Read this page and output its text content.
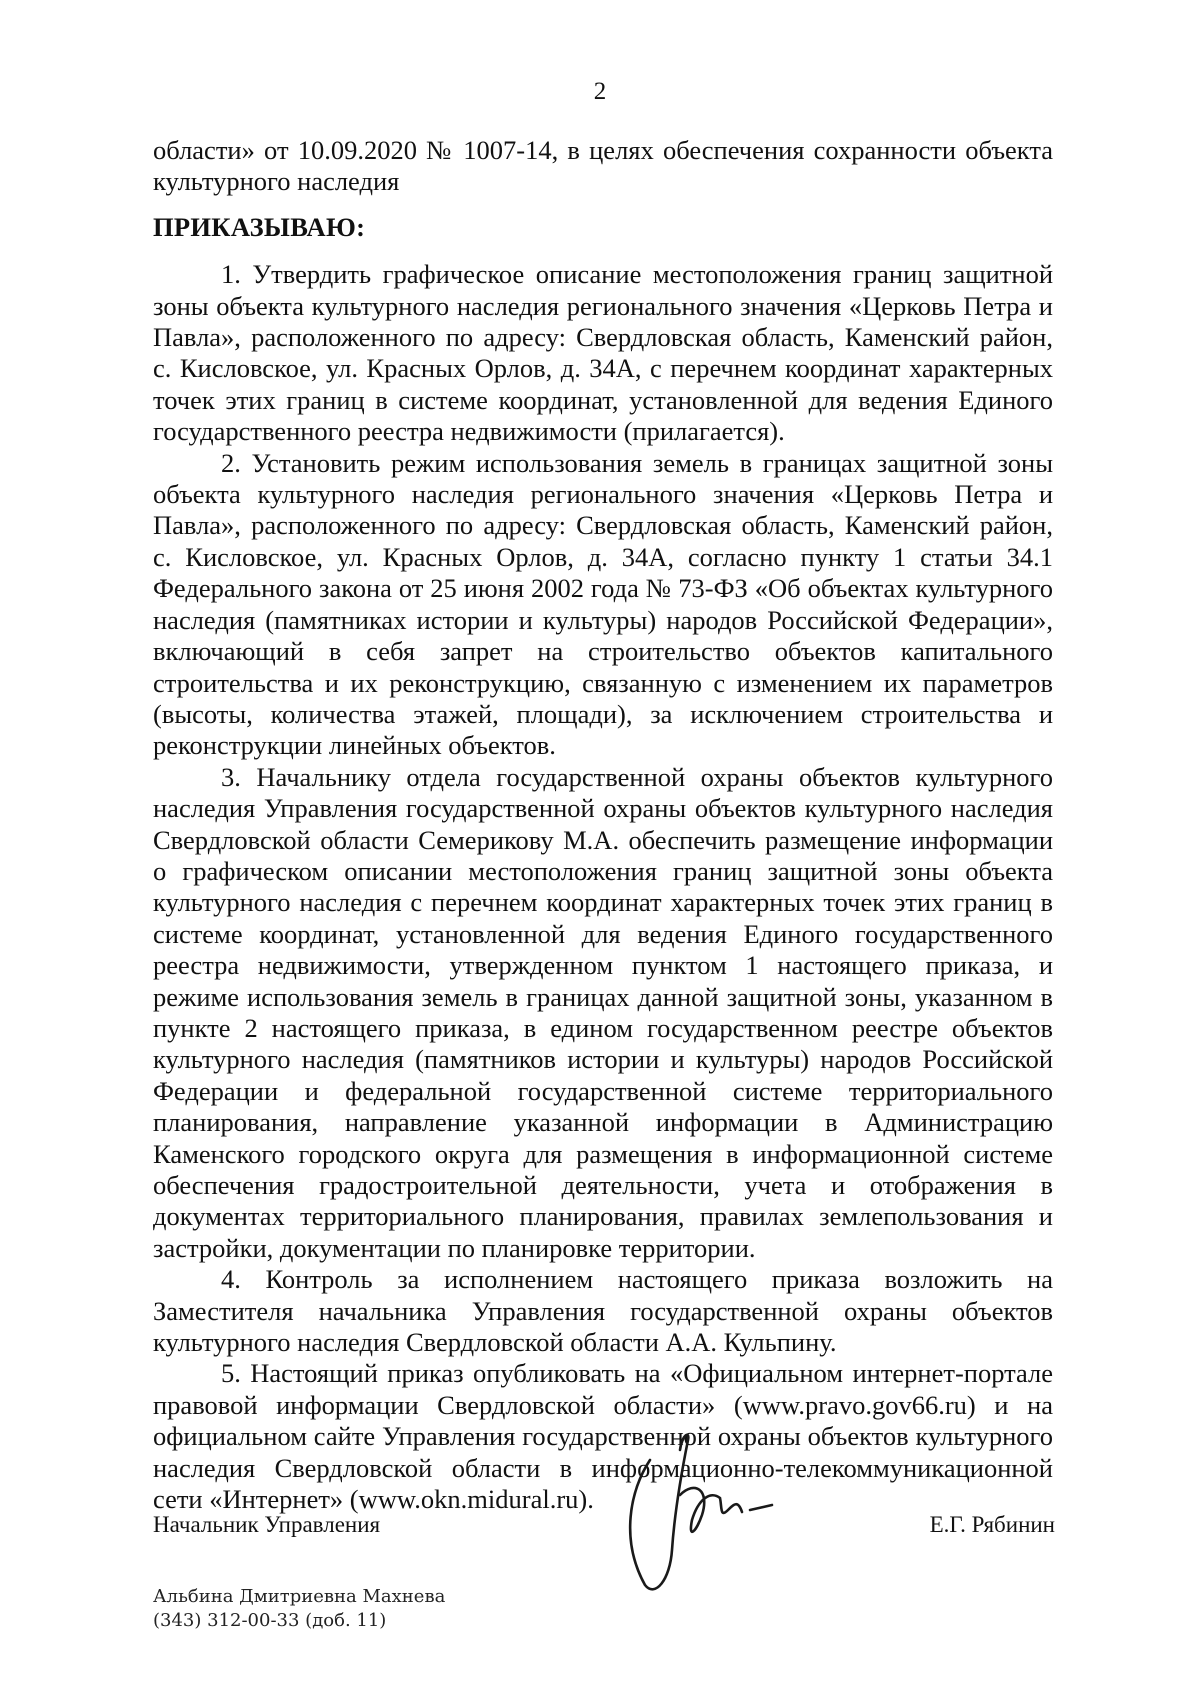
2

области» от 10.09.2020 № 1007-14, в целях обеспечения сохранности объекта культурного наследия

ПРИКАЗЫВАЮ:

1. Утвердить графическое описание местоположения границ защитной зоны объекта культурного наследия регионального значения «Церковь Петра и Павла», расположенного по адресу: Свердловская область, Каменский район, с. Кисловское, ул. Красных Орлов, д. 34А, с перечнем координат характерных точек этих границ в системе координат, установленной для ведения Единого государственного реестра недвижимости (прилагается).

2. Установить режим использования земель в границах защитной зоны объекта культурного наследия регионального значения «Церковь Петра и Павла», расположенного по адресу: Свердловская область, Каменский район, с. Кисловское, ул. Красных Орлов, д. 34А, согласно пункту 1 статьи 34.1 Федерального закона от 25 июня 2002 года № 73-ФЗ «Об объектах культурного наследия (памятниках истории и культуры) народов Российской Федерации», включающий в себя запрет на строительство объектов капитального строительства и их реконструкцию, связанную с изменением их параметров (высоты, количества этажей, площади), за исключением строительства и реконструкции линейных объектов.

3. Начальнику отдела государственной охраны объектов культурного наследия Управления государственной охраны объектов культурного наследия Свердловской области Семерикову М.А. обеспечить размещение информации о графическом описании местоположения границ защитной зоны объекта культурного наследия с перечнем координат характерных точек этих границ в системе координат, установленной для ведения Единого государственного реестра недвижимости, утвержденном пунктом 1 настоящего приказа, и режиме использования земель в границах данной защитной зоны, указанном в пункте 2 настоящего приказа, в едином государственном реестре объектов культурного наследия (памятников истории и культуры) народов Российской Федерации и федеральной государственной системе территориального планирования, направление указанной информации в Администрацию Каменского городского округа для размещения в информационной системе обеспечения градостроительной деятельности, учета и отображения в документах территориального планирования, правилах землепользования и застройки, документации по планировке территории.

4. Контроль за исполнением настоящего приказа возложить на Заместителя начальника Управления государственной охраны объектов культурного наследия Свердловской области А.А. Кульпину.

5. Настоящий приказ опубликовать на «Официальном интернет-портале правовой информации Свердловской области» (www.pravo.gov66.ru) и на официальном сайте Управления государственной охраны объектов культурного наследия Свердловской области в информационно-телекоммуникационной сети «Интернет» (www.okn.midural.ru).

Начальник Управления	Е.Г. Рябинин
Альбина Дмитриевна Махнева
(343) 312-00-33 (доб. 11)
